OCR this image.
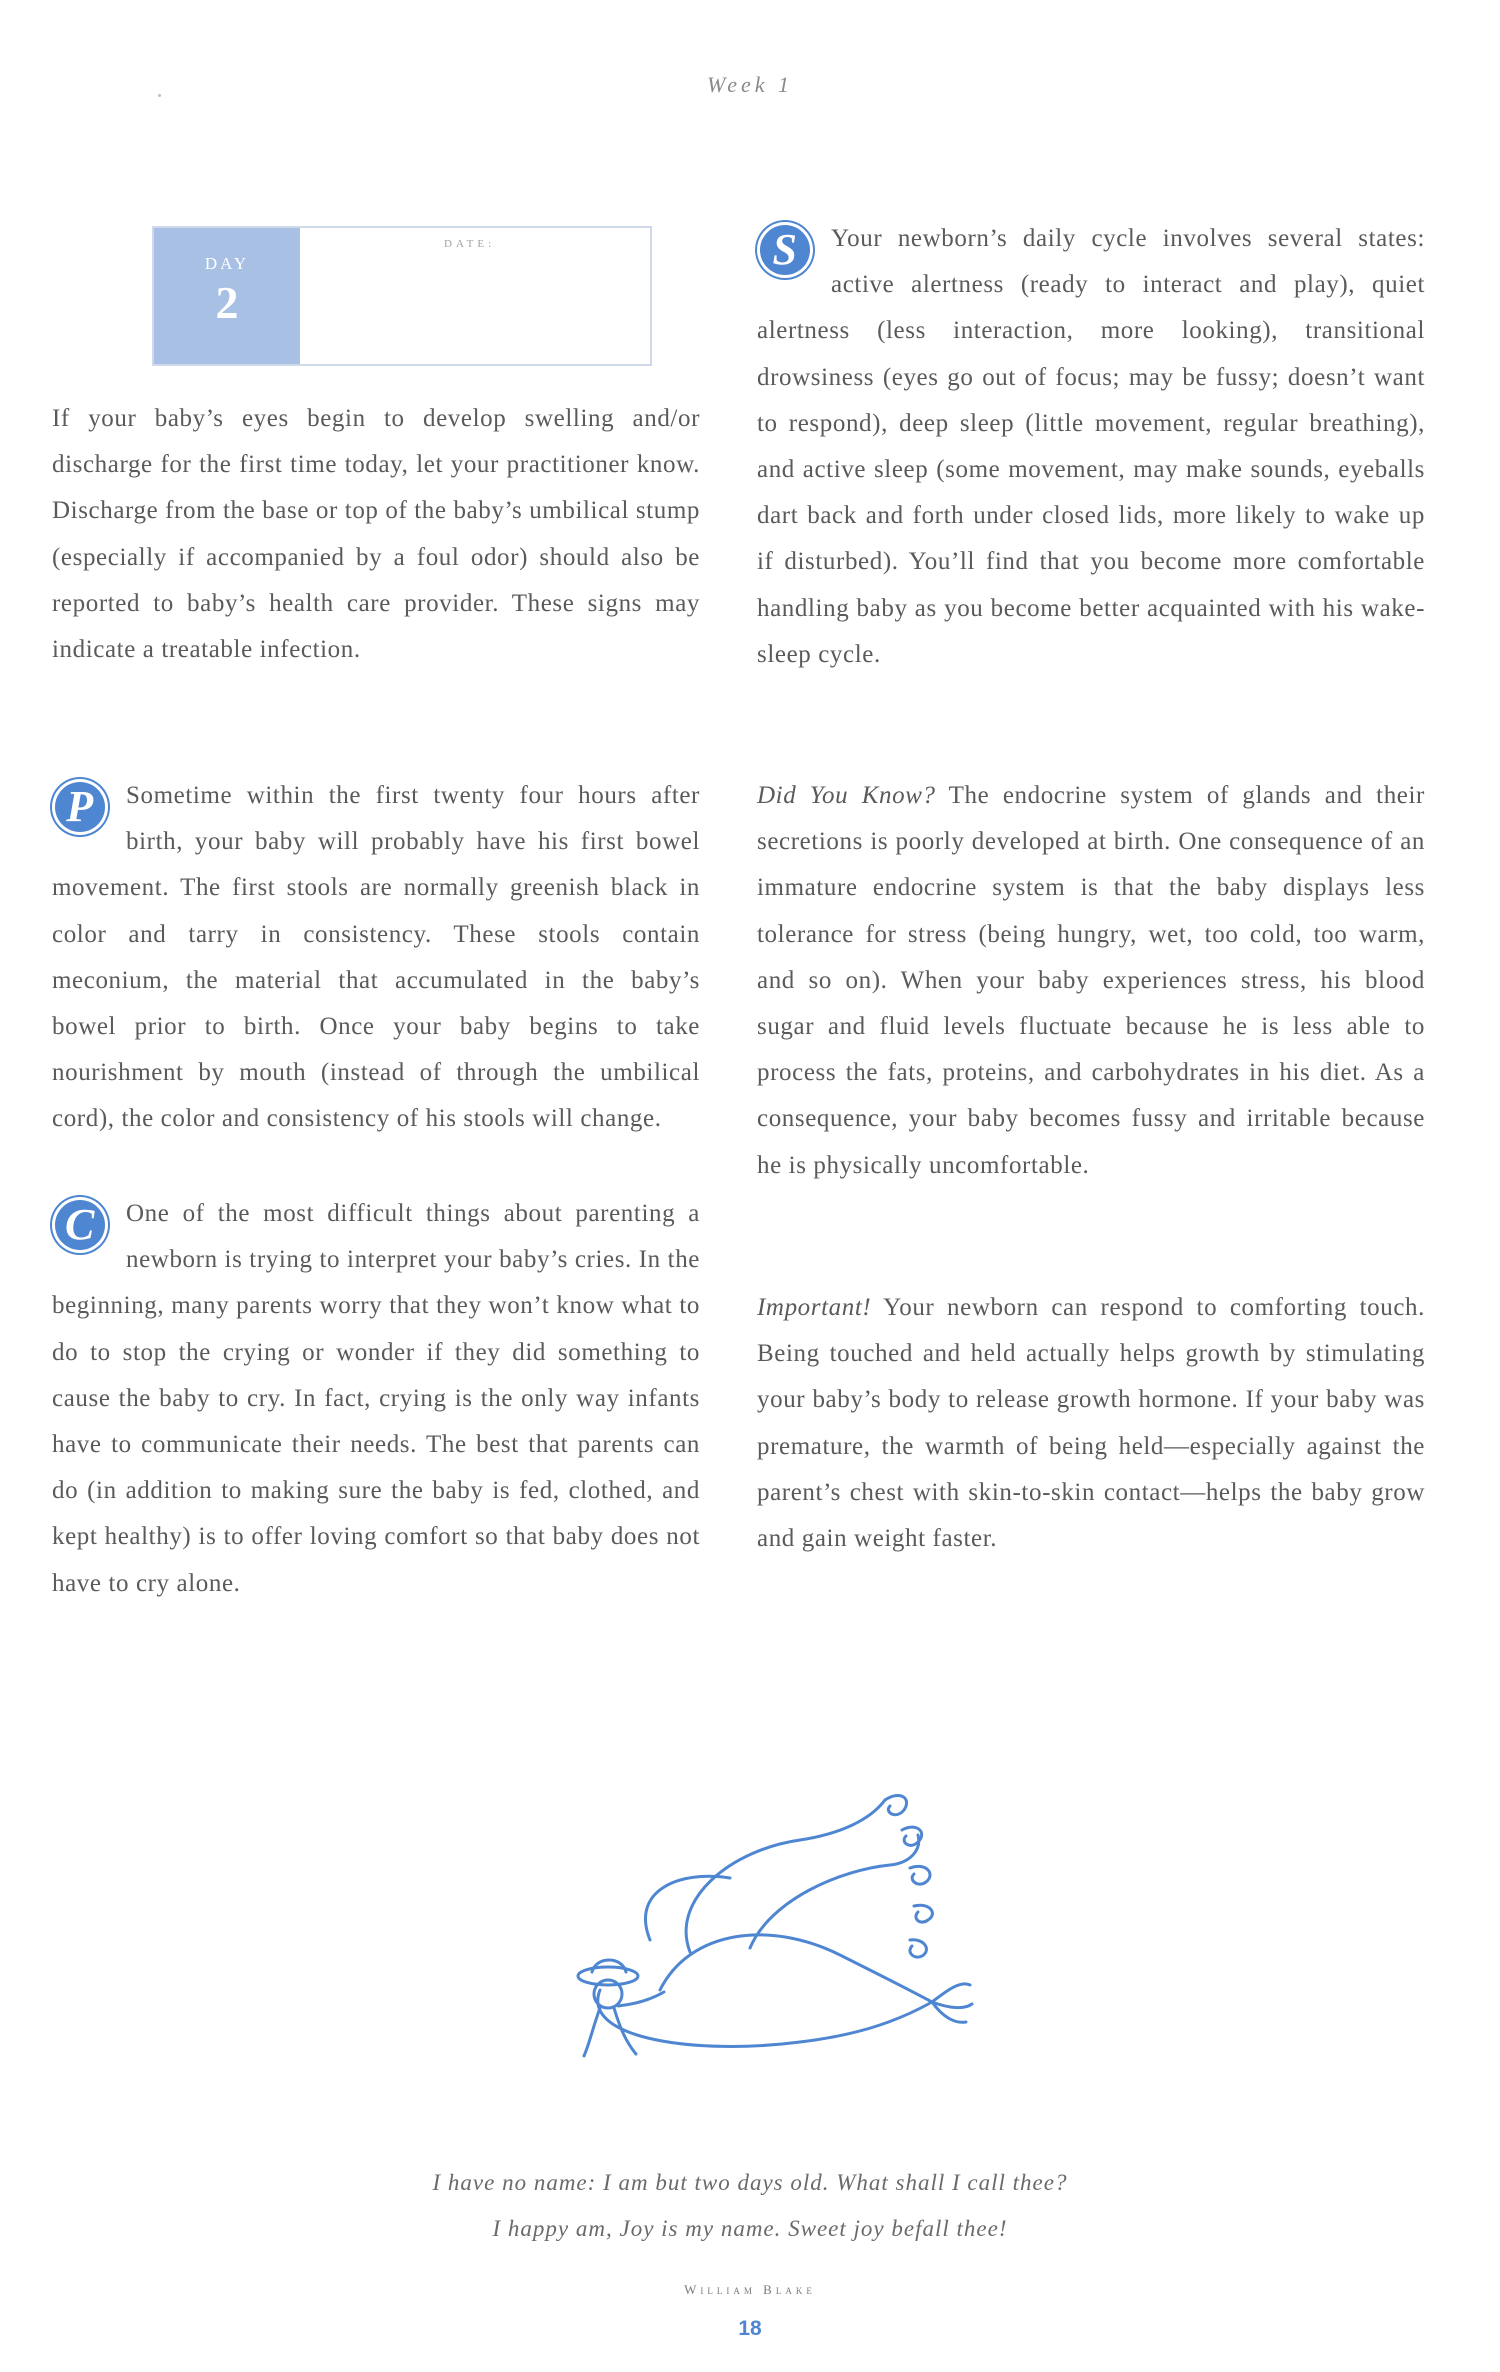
Week 1
DAY
2
DATE:

If your baby’s eyes begin to develop swelling and/or discharge for the first time today, let your practitioner know. Discharge from the base or top of the baby’s umbilical stump (especially if accompanied by a foul odor) should also be reported to baby’s health care provider. These signs may indicate a treatable infection.

P	Sometime within the first twenty four hours after birth, your baby will probably have his first bowel movement. The first stools are normally greenish black in color and tarry in consistency. These stools contain meconium, the material that accumulated in the baby’s bowel prior to birth. Once your baby begins to take nourishment by mouth (instead of through the umbilical cord), the color and consistency of his stools will change.
C	One of the most difficult things about parenting a newborn is trying to interpret your baby’s cries. In the beginning, many parents worry that they won’t know what to do to stop the crying or wonder if they did something to cause the baby to cry. In fact, crying is the only way infants have to communicate their needs. The best that parents can do (in addition to making sure the baby is fed, clothed, and kept healthy) is to offer loving comfort so that baby does not have to cry alone.
S	Your newborn’s daily cycle involves several states: active alertness (ready to interact and play), quiet alertness (less interaction, more looking), transitional drowsiness (eyes go out of focus; may be fussy; doesn’t want to respond), deep sleep (little movement, regular breathing), and active sleep (some movement, may make sounds, eyeballs dart back and forth under closed lids, more likely to wake up if disturbed). You’ll find that you become more comfortable handling baby as you become better acquainted with his wake-sleep cycle.

Did You Know? The endocrine system of glands and their secretions is poorly developed at birth. One consequence of an immature endocrine system is that the baby displays less tolerance for stress (being hungry, wet, too cold, too warm, and so on). When your baby experiences stress, his blood sugar and fluid levels fluctuate because he is less able to process the fats, proteins, and carbohydrates in his diet. As a consequence, your baby becomes fussy and irritable because he is physically uncomfortable.

Important! Your newborn can respond to comforting touch. Being touched and held actually helps growth by stimulating your baby’s body to release growth hormone. If your baby was premature, the warmth of being held—especially against the parent’s chest with skin-to-skin contact—helps the baby grow and gain weight faster.

I have no name: I am but two days old. What shall I call thee?
I happy am, Joy is my name. Sweet joy befall thee!
William Blake
18
